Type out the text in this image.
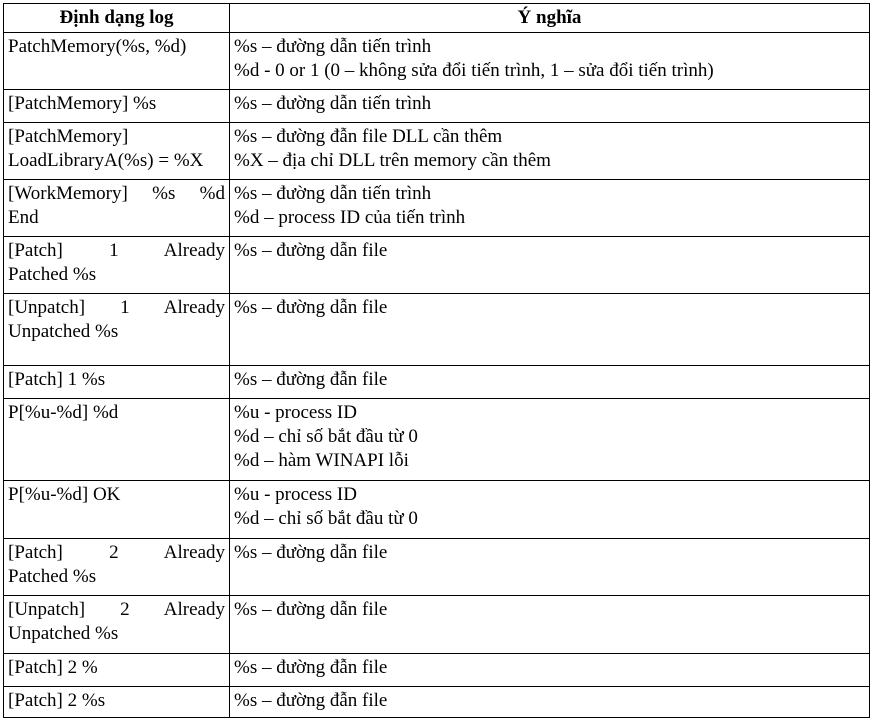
Định dạng log	Ý nghĩa

PatchMemory(%s, %d)	%s – đường dẫn tiến trình
%d - 0 or 1 (0 – không sửa đổi tiến trình, 1 – sửa đổi tiến trình)

[PatchMemory] %s	%s – đường dẫn tiến trình

[PatchMemory]
LoadLibraryA(%s) = %X	%s – đường đẫn file DLL cần thêm
%X – địa chỉ DLL trên memory cần thêm

[WorkMemory] %s %d
End	%s – đường dẫn tiến trình
%d – process ID của tiến trình

[Patch] 1 Already
Patched %s	%s – đường dẫn file

[Unpatch] 1 Already
Unpatched %s	%s – đường dẫn file

[Patch] 1 %s	%s – đường đẫn file

P[%u-%d] %d	%u - process ID
%d – chỉ số bắt đầu từ 0
%d – hàm WINAPI lỗi

P[%u-%d] OK	%u - process ID
%d – chỉ số bắt đầu từ 0

[Patch] 2 Already
Patched %s	%s – đường dẫn file

[Unpatch] 2 Already
Unpatched %s	%s – đường dẫn file

[Patch] 2 %	%s – đường đẫn file

[Patch] 2 %s	%s – đường đẫn file
